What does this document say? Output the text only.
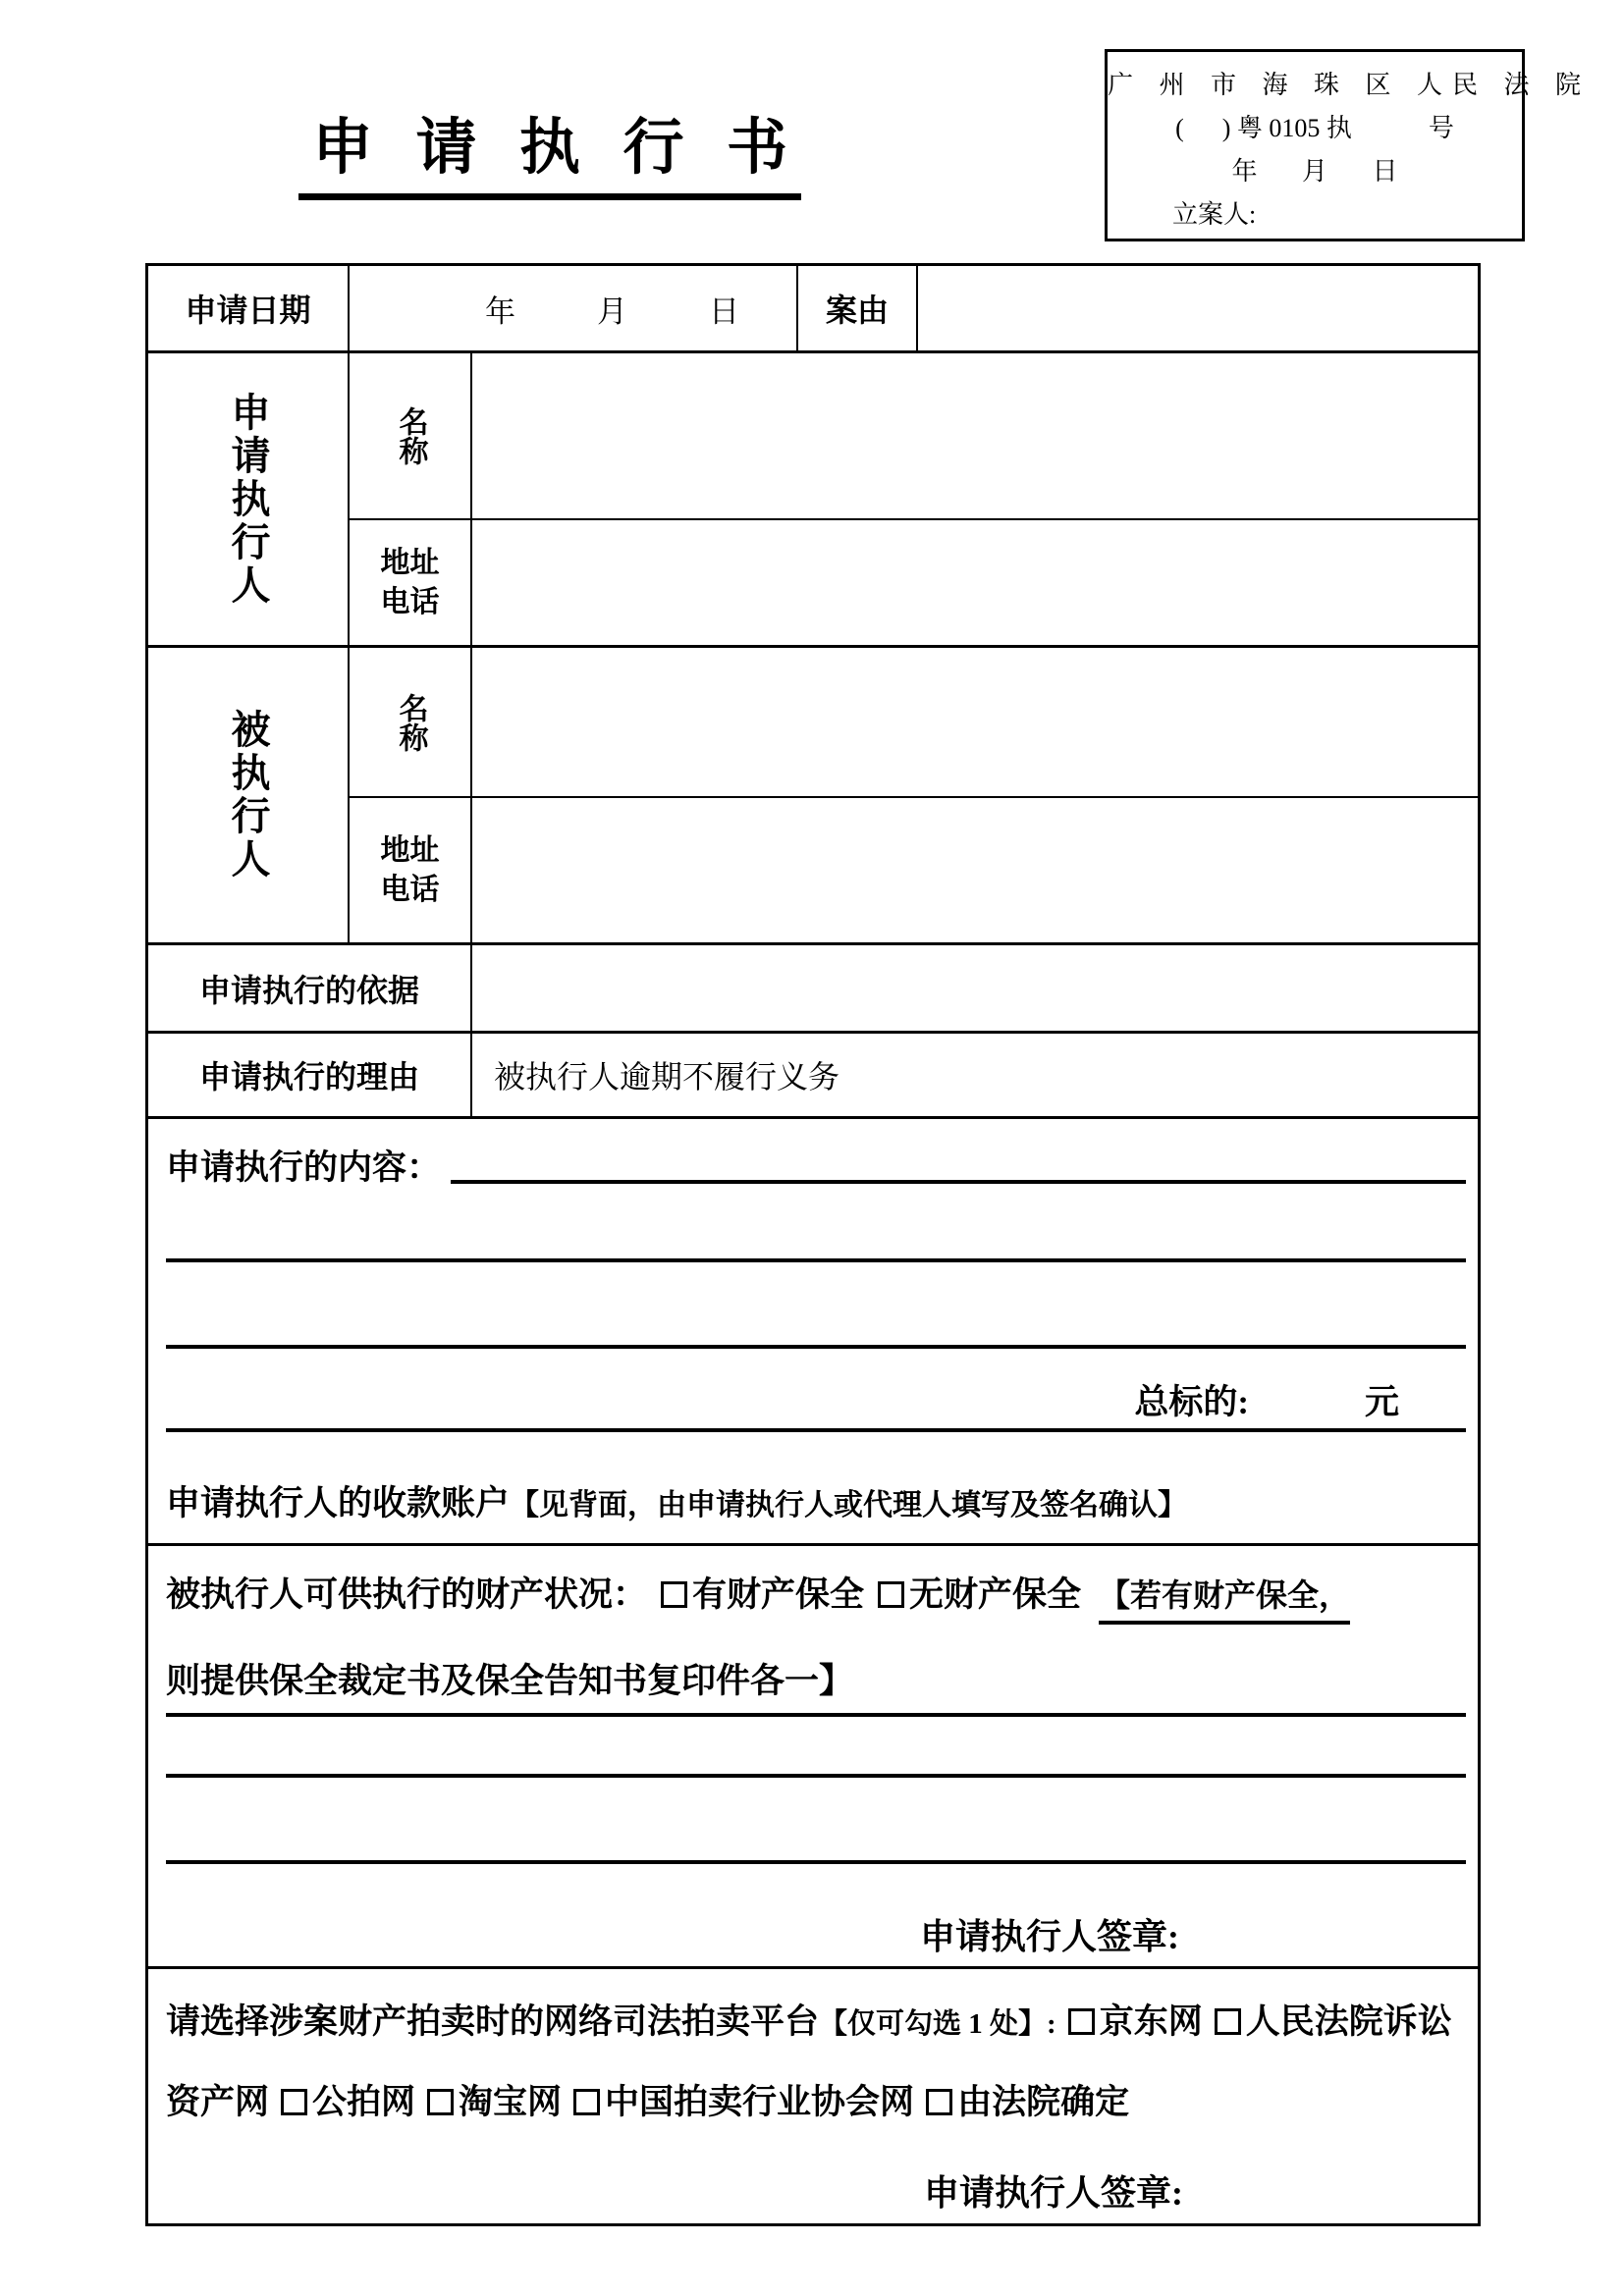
申 请 执 行 书
广 州 市 海 珠 区 人民 法 院
(      ) 粤 0105 执            号
年       月       日
立案人:
申请日期	年	月	日	案由
申请执行人	名称
地址
电话
被执行人	名称
地址
电话
申请执行的依据
申请执行的理由	被执行人逾期不履行义务
申请执行的内容：
总标的:	元
申请执行人的收款账户【见背面，由申请执行人或代理人填写及签名确认】
被执行人可供执行的财产状况： 有财产保全 无财产保全 【若有财产保全，
则提供保全裁定书及保全告知书复印件各一】
申请执行人签章:
请选择涉案财产拍卖时的网络司法拍卖平台【仅可勾选 1 处】: 京东网 人民法院诉讼资产网 公拍网 淘宝网 中国拍卖行业协会网 由法院确定
申请执行人签章:
